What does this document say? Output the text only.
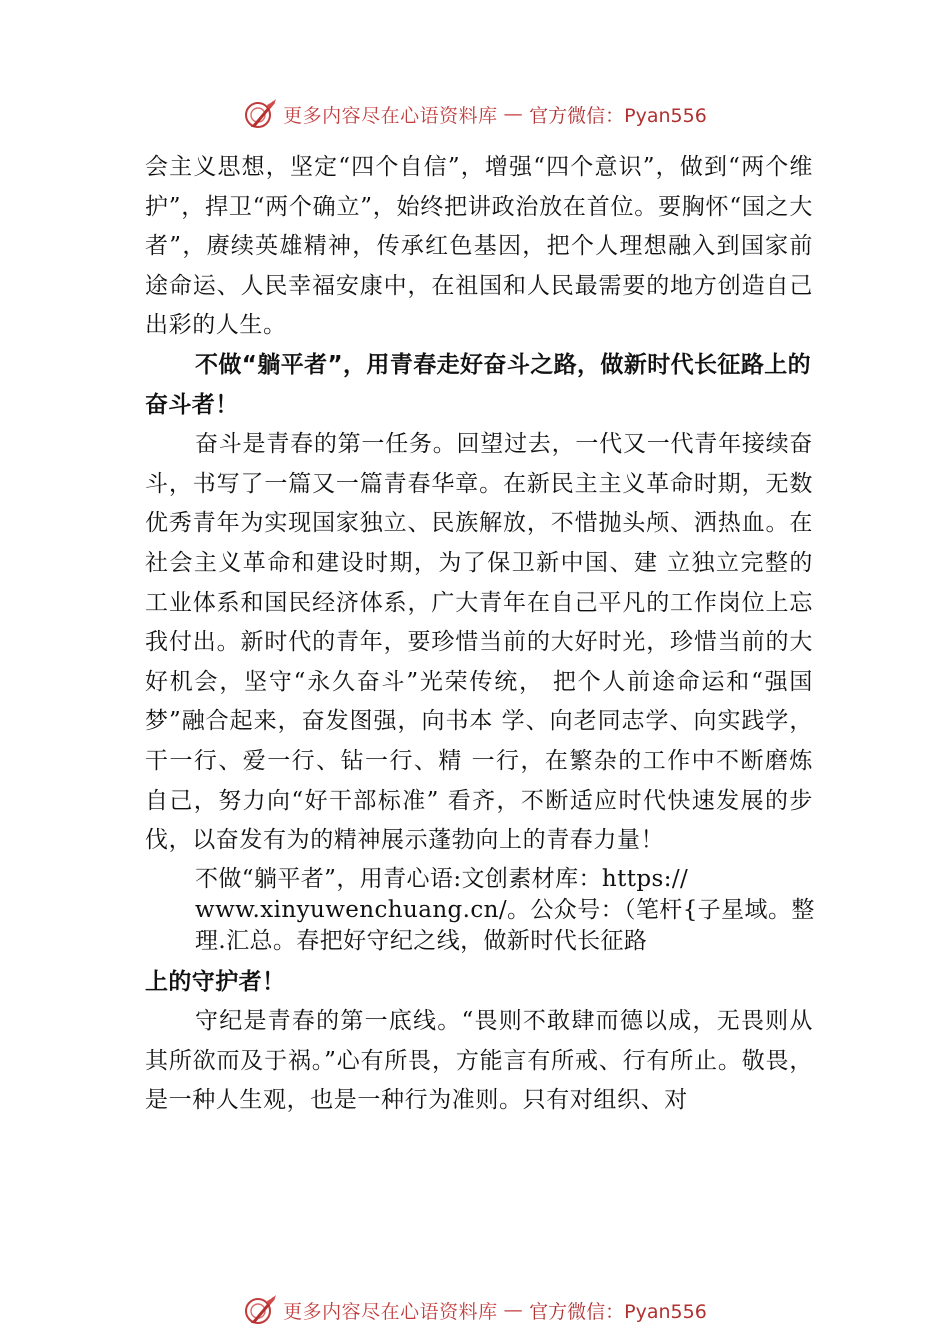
更多内容尽在心语资料库 — 官方微信：Pyan556

会主义思想，坚定“四个自信”，增强“四个意识”，做到“两个维护”，捍卫“两个确立”，始终把讲政治放在首位。要胸怀“国之大者”，赓续英雄精神，传承红色基因，把个人理想融入到国家前途命运、人民幸福安康中，在祖国和人民最需要的地方创造自己出彩的人生。

不做“躺平者”，用青春走好奋斗之路，做新时代长征路上的奋斗者！

奋斗是青春的第一任务。回望过去，一代又一代青年接续奋斗，书写了一篇又一篇青春华章。在新民主主义革命时期，无数优秀青年为实现国家独立、民族解放，不惜抛头颅、洒热血。在社会主义革命和建设时期，为了保卫新中国、建 立独立完整的工业体系和国民经济体系，广大青年在自己平凡的工作岗位上忘我付出。新时代的青年，要珍惜当前的大好时光，珍惜当前的大好机会，坚守“永久奋斗”光荣传统， 把个人前途命运和“强国梦”融合起来，奋发图强，向书本 学、向老同志学、向实践学，干一行、爱一行、钻一行、精 一行，在繁杂的工作中不断磨炼自己，努力向“好干部标准” 看齐，不断适应时代快速发展的步伐，以奋发有为的精神展示蓬勃向上的青春力量！

不做“躺平者”，用青心语:文创素材库：https://
www.xinyuwenchuang.cn/。公众号：（笔杆{子星域。整
理.汇总。春把好守纪之线，做新时代长征路

上的守护者！

守纪是青春的第一底线。“畏则不敢肆而德以成，无畏则从其所欲而及于祸。”心有所畏，方能言有所戒、行有所止。敬畏，是一种人生观，也是一种行为准则。只有对组织、对

更多内容尽在心语资料库 — 官方微信：Pyan556
